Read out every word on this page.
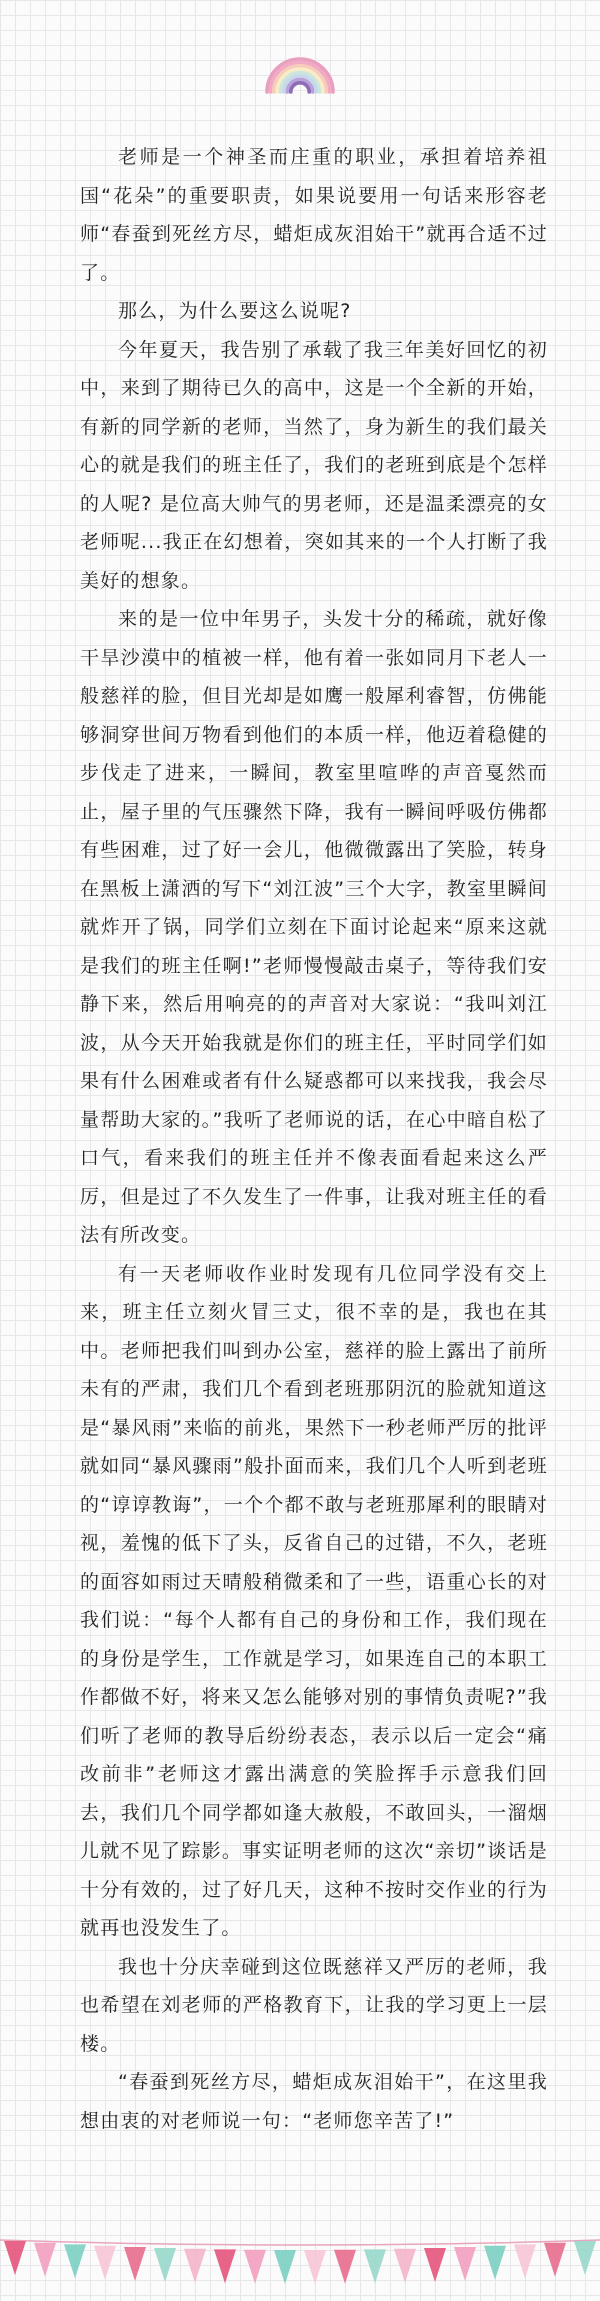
老师是一个神圣而庄重的职业，承担着培养祖国“花朵”的重要职责，如果说要用一句话来形容老师“春蚕到死丝方尽，蜡炬成灰泪始干”就再合适不过了。

那么，为什么要这么说呢?

今年夏天，我告别了承载了我三年美好回忆的初中，来到了期待已久的高中，这是一个全新的开始，有新的同学新的老师，当然了，身为新生的我们最关心的就是我们的班主任了，我们的老班到底是个怎样的人呢? 是位高大帅气的男老师，还是温柔漂亮的女老师呢...我正在幻想着，突如其来的一个人打断了我美好的想象。

来的是一位中年男子，头发十分的稀疏，就好像干旱沙漠中的植被一样，他有着一张如同月下老人一般慈祥的脸，但目光却是如鹰一般犀利睿智，仿佛能够洞穿世间万物看到他们的本质一样，他迈着稳健的步伐走了进来，一瞬间，教室里喧哗的声音戛然而止，屋子里的气压骤然下降，我有一瞬间呼吸仿佛都有些困难，过了好一会儿，他微微露出了笑脸，转身在黑板上潇洒的写下“刘江波”三个大字，教室里瞬间就炸开了锅，同学们立刻在下面讨论起来“原来这就是我们的班主任啊!”老师慢慢敲击桌子，等待我们安静下来，然后用响亮的的声音对大家说：“我叫刘江波，从今天开始我就是你们的班主任，平时同学们如果有什么困难或者有什么疑惑都可以来找我，我会尽量帮助大家的。”我听了老师说的话，在心中暗自松了口气，看来我们的班主任并不像表面看起来这么严厉，但是过了不久发生了一件事，让我对班主任的看法有所改变。

有一天老师收作业时发现有几位同学没有交上来，班主任立刻火冒三丈，很不幸的是，我也在其中。老师把我们叫到办公室，慈祥的脸上露出了前所未有的严肃，我们几个看到老班那阴沉的脸就知道这是“暴风雨”来临的前兆，果然下一秒老师严厉的批评就如同“暴风骤雨”般扑面而来，我们几个人听到老班的“谆谆教诲”，一个个都不敢与老班那犀利的眼睛对视，羞愧的低下了头，反省自己的过错，不久，老班的面容如雨过天晴般稍微柔和了一些，语重心长的对我们说：“每个人都有自己的身份和工作，我们现在的身份是学生，工作就是学习，如果连自己的本职工作都做不好，将来又怎么能够对别的事情负责呢?”我们听了老师的教导后纷纷表态，表示以后一定会“痛改前非”老师这才露出满意的笑脸挥手示意我们回去，我们几个同学都如逢大赦般，不敢回头，一溜烟儿就不见了踪影。事实证明老师的这次“亲切”谈话是十分有效的，过了好几天，这种不按时交作业的行为就再也没发生了。

我也十分庆幸碰到这位既慈祥又严厉的老师，我也希望在刘老师的严格教育下，让我的学习更上一层楼。

“春蚕到死丝方尽，蜡炬成灰泪始干”，在这里我想由衷的对老师说一句：“老师您辛苦了!”
